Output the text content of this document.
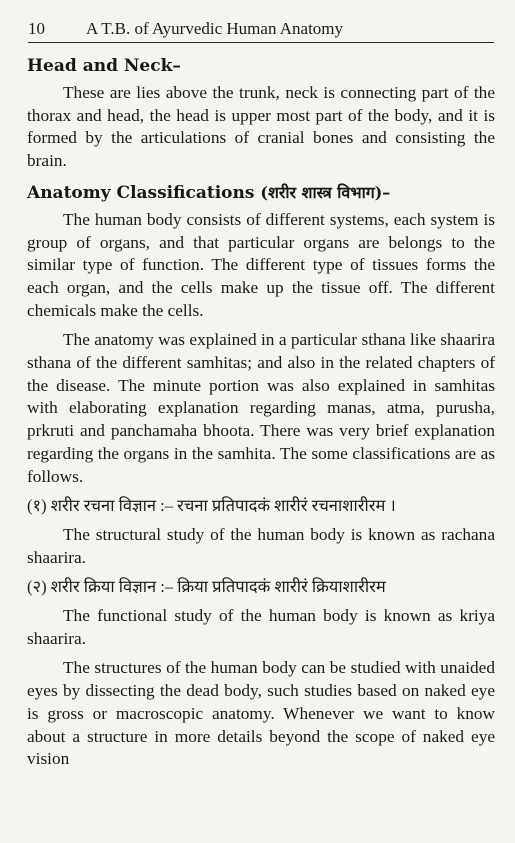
10 A T.B. of Ayurvedic Human Anatomy
Head and Neck–

These are lies above the trunk, neck is connecting part of the thorax and head, the head is upper most part of the body, and it is formed by the articulations of cranial bones and consisting the brain.

Anatomy Classifications (शरीर शास्त्र विभाग)–

The human body consists of different systems, each system is group of organs, and that particular organs are belongs to the similar type of function. The different type of tissues forms the each organ, and the cells make up the tissue off. The different chemicals make the cells.

The anatomy was explained in a particular sthana like shaarira sthana of the different samhitas; and also in the related chapters of the disease. The minute portion was also explained in samhitas with elaborating explanation regarding manas, atma, purusha, prkruti and panchamaha bhoota. There was very brief explanation regarding the organs in the samhita. The some classifications are as follows.

(१) शरीर रचना विज्ञान :– रचना प्रतिपादकं शारीरं रचनाशारीरम ।

The structural study of the human body is known as rachana shaarira.

(२) शरीर क्रिया विज्ञान :– क्रिया प्रतिपादकं शारीरं क्रियाशारीरम

The functional study of the human body is known as kriya shaarira.

The structures of the human body can be studied with unaided eyes by dissecting the dead body, such studies based on naked eye is gross or macroscopic anatomy. Whenever we want to know about a structure in more details beyond the scope of naked eye vision
